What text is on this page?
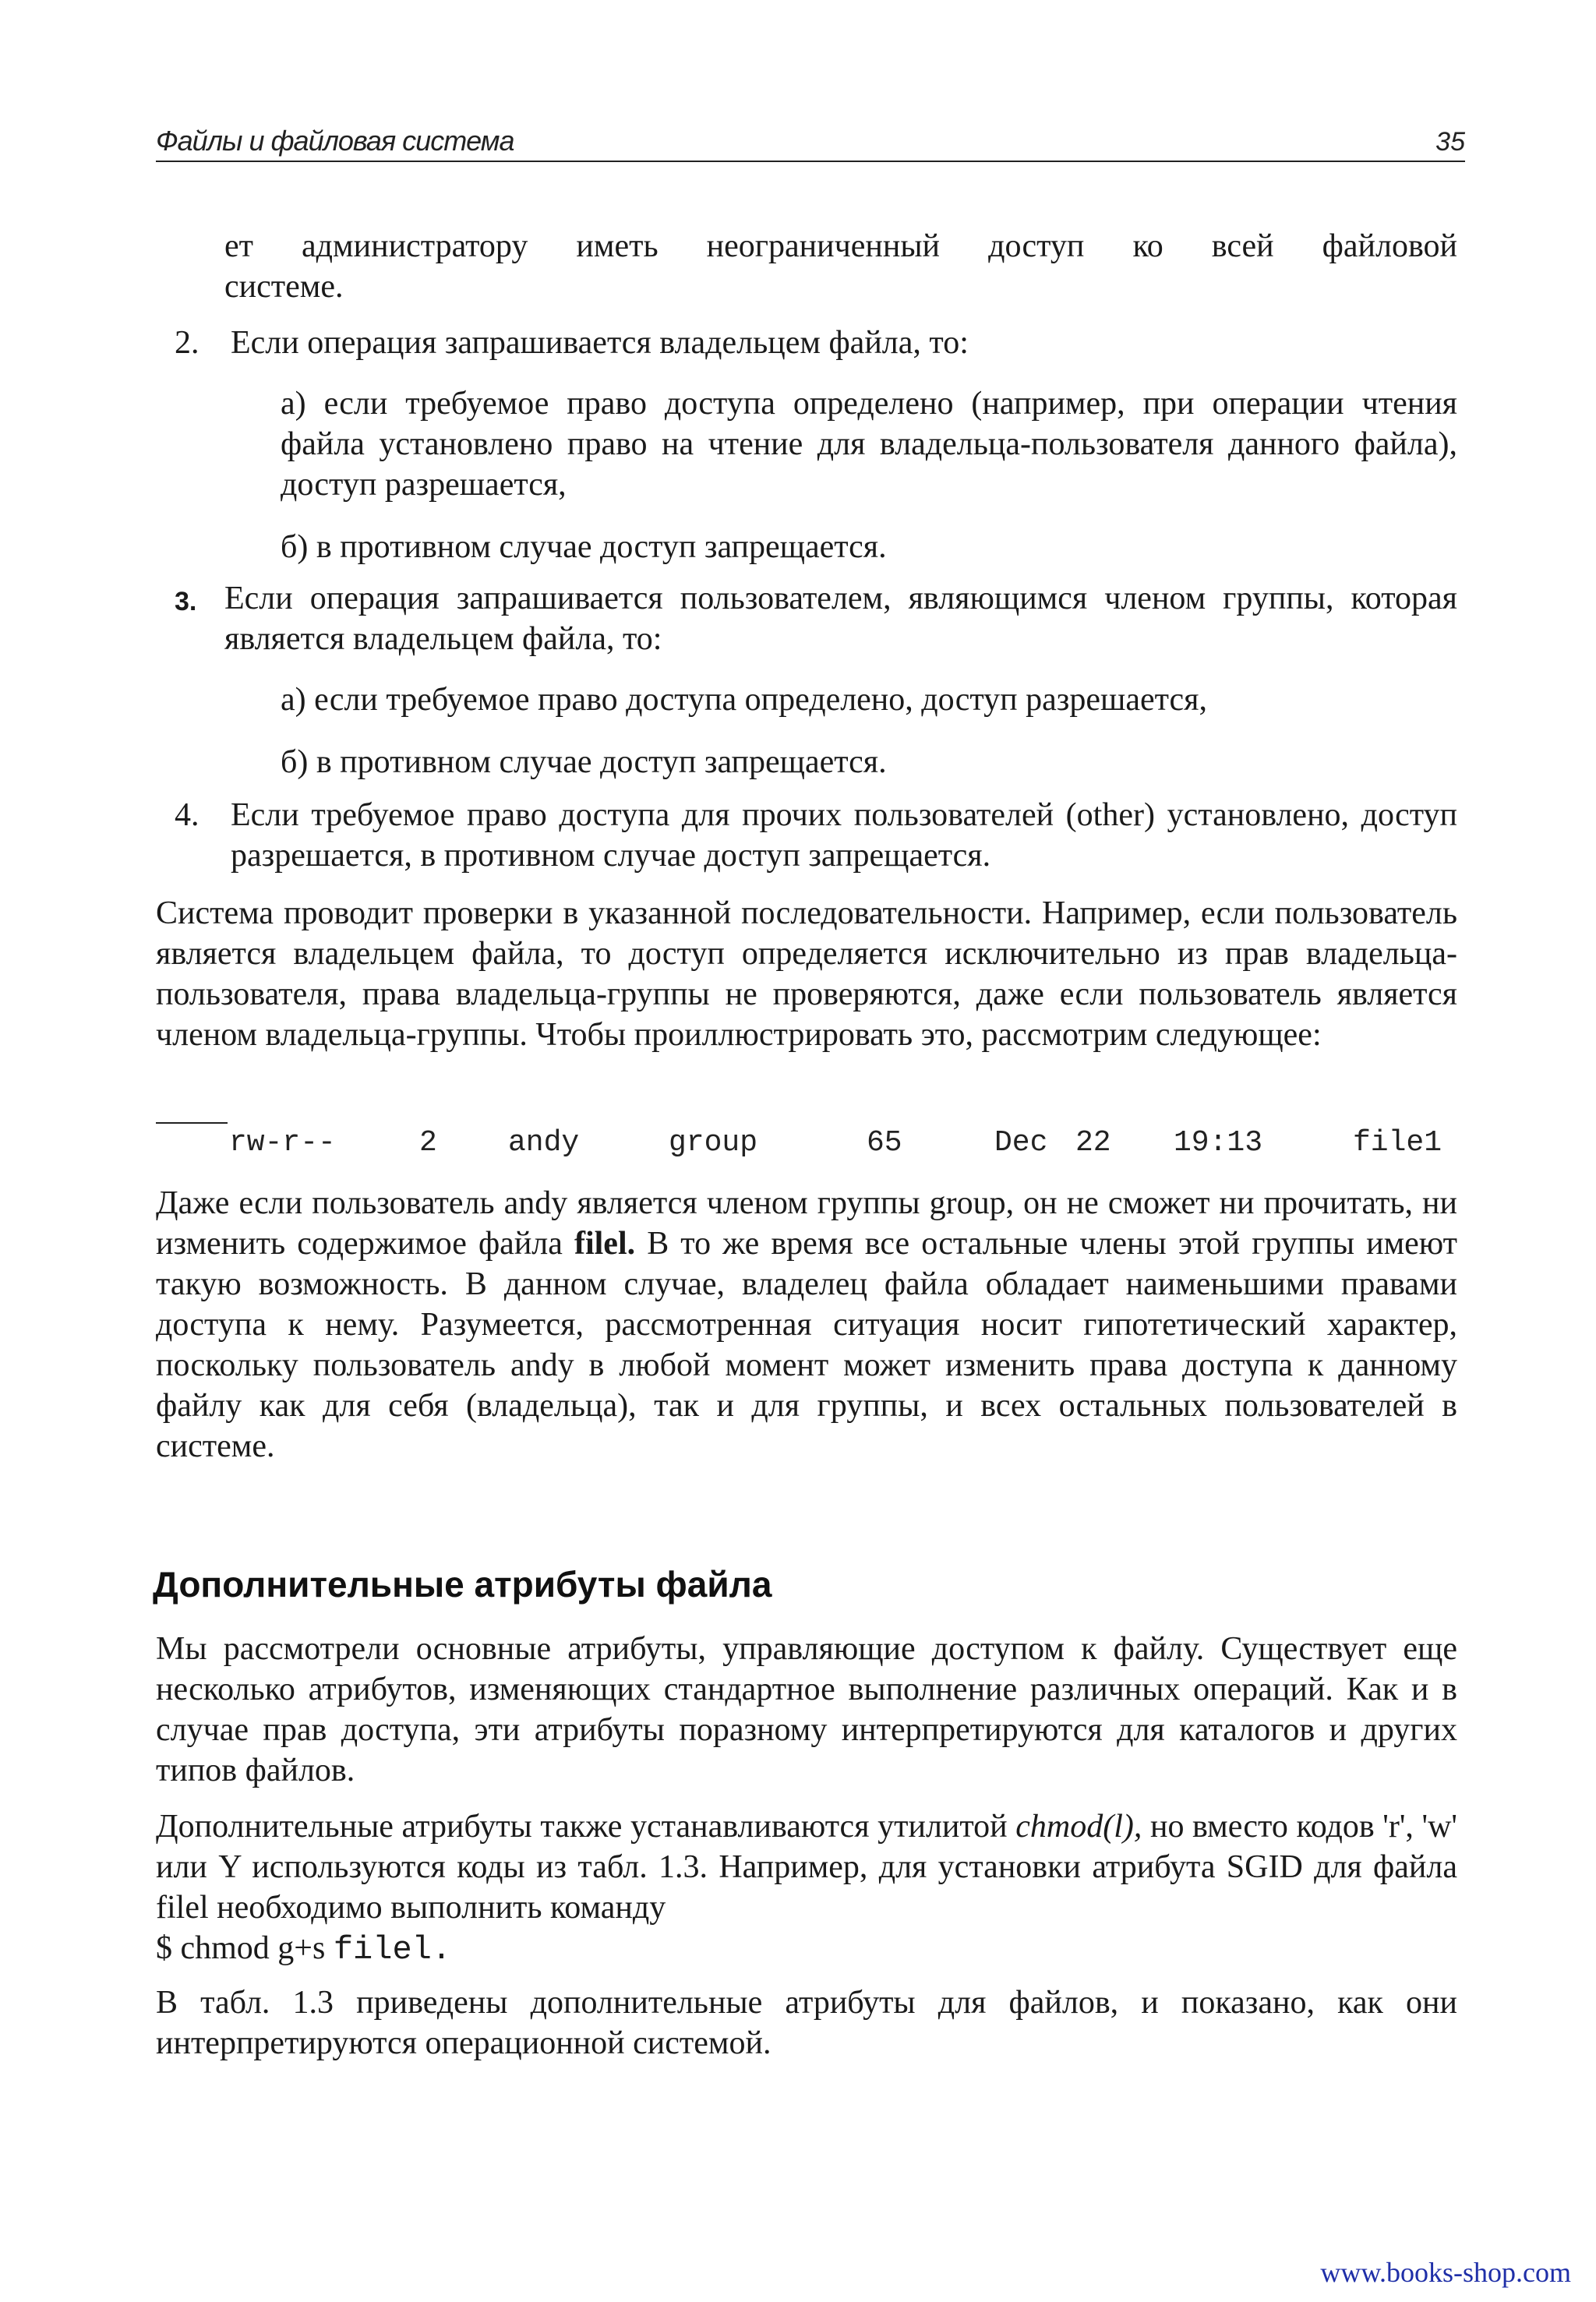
Файлы и файловая система	35

ет администратору иметь неограниченный доступ ко всей файловой

системе.

2. Если операция запрашивается владельцем файла, то:

а) если требуемое право доступа определено (например, при операции чтения файла установлено право на чтение для владельца-пользователя данного файла), доступ разрешается,

б) в противном случае доступ запрещается.

3. Если операция запрашивается пользователем, являющимся членом группы, которая является владельцем файла, то:

а) если требуемое право доступа определено, доступ разрешается,

б) в противном случае доступ запрещается.

4. Если требуемое право доступа для прочих пользователей (other) установлено, доступ разрешается, в противном случае доступ запрещается.

Система проводит проверки в указанной последовательности. Например, если пользователь является владельцем файла, то доступ определяется исключительно из прав владельца-пользователя, права владельца-группы не проверяются, даже если пользователь является членом владельца-группы. Чтобы проиллюстрировать это, рассмотрим следующее:

rw-r--	2 andy	group	65	Dec 22 19:13	file1

Даже если пользователь andy является членом группы group, он не сможет ни прочитать, ни изменить содержимое файла filel. В то же время все остальные члены этой группы имеют такую возможность. В данном случае, владелец файла обладает наименьшими правами доступа к нему. Разумеется, рассмотренная ситуация носит гипотетический характер, поскольку пользователь andy в любой момент может изменить права доступа к данному файлу как для себя (владельца), так и для группы, и всех остальных пользователей в системе.

Дополнительные атрибуты файла

Мы рассмотрели основные атрибуты, управляющие доступом к файлу. Существует еще несколько атрибутов, изменяющих стандартное выполнение различных операций. Как и в случае прав доступа, эти атрибуты поразному интерпретируются для каталогов и других типов файлов.

Дополнительные атрибуты также устанавливаются утилитой chmod(l), но вместо кодов 'r', 'w' или Y используются коды из табл. 1.3. Например, для установки атрибута SGID для файла filel необходимо выполнить команду

$ chmod g+s filel.

В табл. 1.3 приведены дополнительные атрибуты для файлов, и показано, как они интерпретируются операционной системой.

www.books-shop.com
